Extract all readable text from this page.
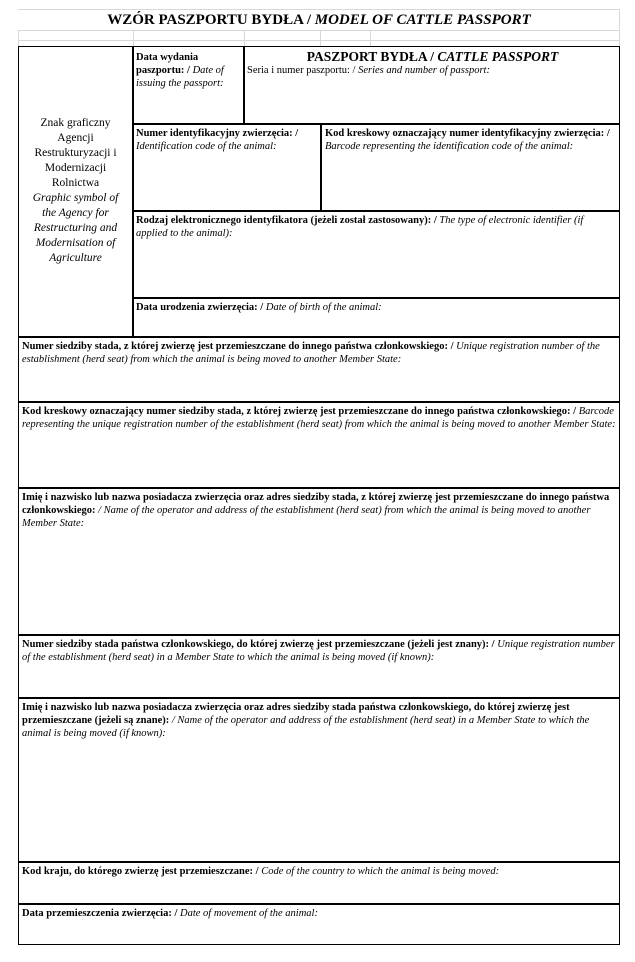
WZÓR PASZPORTU BYDŁA / MODEL OF CATTLE PASSPORT
Znak graficzny Agencji Restrukturyzacji i Modernizacji Rolnictwa
Graphic symbol of the Agency for Restructuring and Modernisation of Agriculture
Data wydania paszportu: / Date of issuing the passport:
PASZPORT BYDŁA / CATTLE PASSPORT
Seria i numer paszportu: / Series and number of passport:
Numer identyfikacyjny zwierzęcia: / Identification code of the animal:
Kod kreskowy oznaczający numer identyfikacyjny zwierzęcia: / Barcode representing the identification code of the animal:
Rodzaj elektronicznego identyfikatora (jeżeli został zastosowany): / The type of electronic identifier (if applied to the animal):
Data urodzenia zwierzęcia: / Date of birth of the animal:
Numer siedziby stada, z której zwierzę jest przemieszczane do innego państwa członkowskiego: / Unique registration number of the establishment (herd seat) from which the animal is being moved to another Member State:
Kod kreskowy oznaczający numer siedziby stada, z której zwierzę jest przemieszczane do innego państwa członkowskiego: / Barcode representing the unique registration number of the establishment (herd seat) from which the animal is being moved to another Member State:
Imię i nazwisko lub nazwa posiadacza zwierzęcia oraz adres siedziby stada, z której zwierzę jest przemieszczane do innego państwa członkowskiego: / Name of the operator and address of the establishment (herd seat) from which the animal is being moved to another Member State:
Numer siedziby stada państwa członkowskiego, do której zwierzę jest przemieszczane (jeżeli jest znany): / Unique registration number of the establishment (herd seat) in a Member State to which the animal is being moved (if known):
Imię i nazwisko lub nazwa posiadacza zwierzęcia oraz adres siedziby stada państwa członkowskiego, do której zwierzę jest przemieszczane (jeżeli są znane): / Name of the operator and address of the establishment (herd seat) in a Member State to which the animal is being moved (if known):
Kod kraju, do którego zwierzę jest przemieszczane: / Code of the country to which the animal is being moved:
Data przemieszczenia zwierzęcia: / Date of movement of the animal:
